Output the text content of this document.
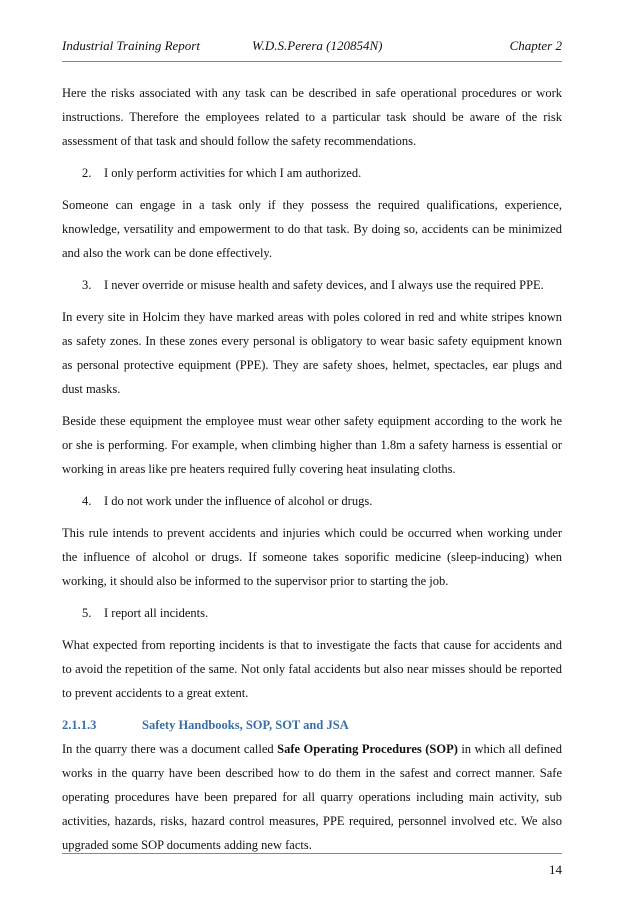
Industrial Training Report	W.D.S.Perera (120854N)	Chapter 2

Here the risks associated with any task can be described in safe operational procedures or work instructions. Therefore the employees related to a particular task should be aware of the risk assessment of that task and should follow the safety recommendations.

2. I only perform activities for which I am authorized.

Someone can engage in a task only if they possess the required qualifications, experience, knowledge, versatility and empowerment to do that task. By doing so, accidents can be minimized and also the work can be done effectively.

3. I never override or misuse health and safety devices, and I always use the required PPE.

In every site in Holcim they have marked areas with poles colored in red and white stripes known as safety zones. In these zones every personal is obligatory to wear basic safety equipment known as personal protective equipment (PPE). They are safety shoes, helmet, spectacles, ear plugs and dust masks.

Beside these equipment the employee must wear other safety equipment according to the work he or she is performing. For example, when climbing higher than 1.8m a safety harness is essential or working in areas like pre heaters required fully covering heat insulating cloths.

4. I do not work under the influence of alcohol or drugs.

This rule intends to prevent accidents and injuries which could be occurred when working under the influence of alcohol or drugs. If someone takes soporific medicine (sleep-inducing) when working, it should also be informed to the supervisor prior to starting the job.

5. I report all incidents.

What expected from reporting incidents is that to investigate the facts that cause for accidents and to avoid the repetition of the same. Not only fatal accidents but also near misses should be reported to prevent accidents to a great extent.

2.1.1.3	Safety Handbooks, SOP, SOT and JSA

In the quarry there was a document called Safe Operating Procedures (SOP) in which all defined works in the quarry have been described how to do them in the safest and correct manner. Safe operating procedures have been prepared for all quarry operations including main activity, sub activities, hazards, risks, hazard control measures, PPE required, personnel involved etc. We also upgraded some SOP documents adding new facts.

14
